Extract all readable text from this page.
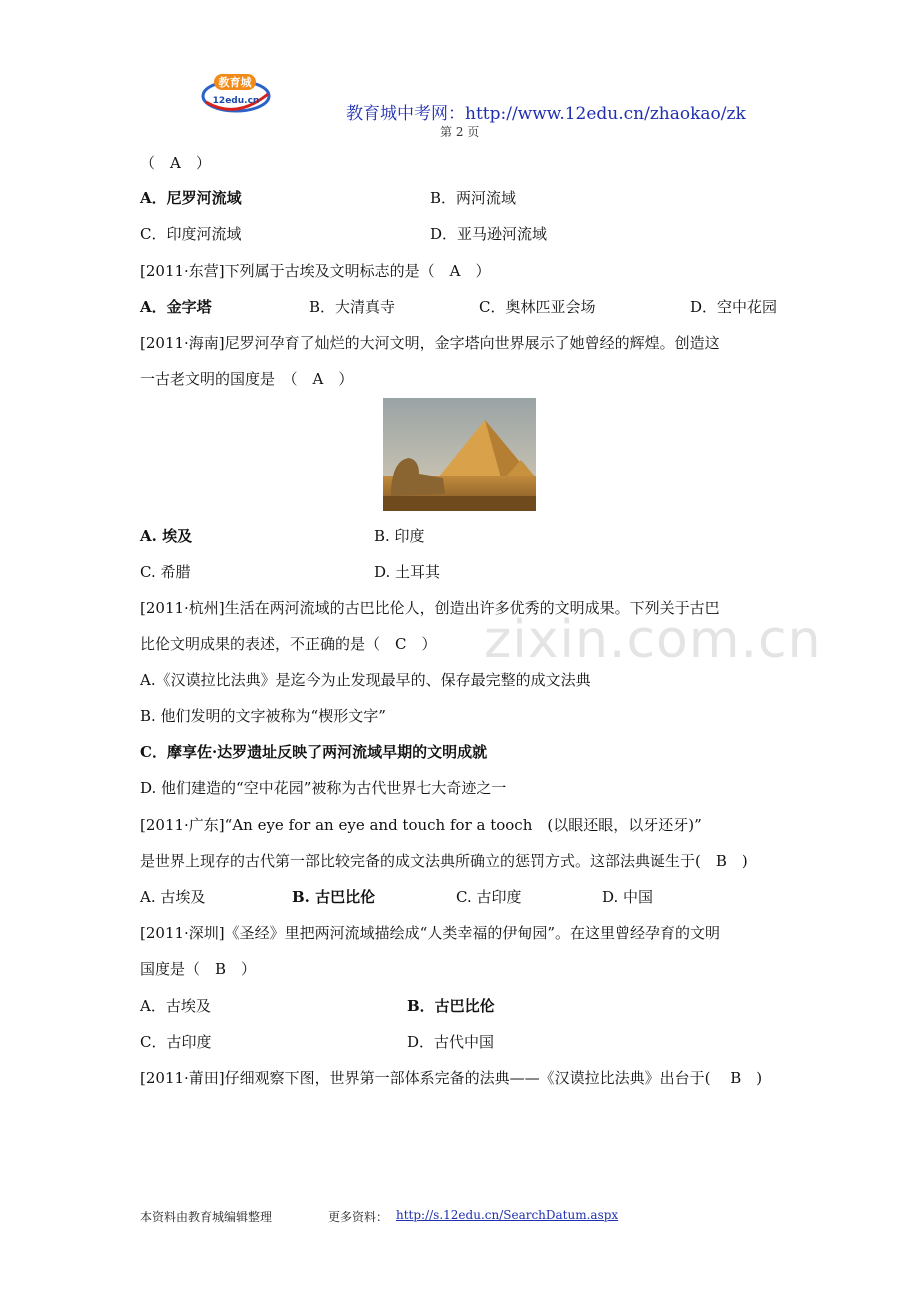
教育城
12edu.cn
教育城中考网：http://www.12edu.cn/zhaokao/zk
第 2 页
zixin.com.cn
（　A　）
A．尼罗河流域	B．两河流域
C．印度河流域	D．亚马逊河流域
[2011·东营]下列属于古埃及文明标志的是（　A　）
A．金字塔	B．大清真寺	C．奥林匹亚会场	D．空中花园
[2011·海南]尼罗河孕育了灿烂的大河文明，金字塔向世界展示了她曾经的辉煌。创造这
一古老文明的国度是　（　A　）
A. 埃及	B. 印度
C. 希腊	D. 土耳其
[2011·杭州]生活在两河流域的古巴比伦人，创造出许多优秀的文明成果。下列关于古巴
比伦文明成果的表述，不正确的是（　C　）
A.《汉谟拉比法典》是迄今为止发现最早的、保存最完整的成文法典
B. 他们发明的文字被称为“楔形文字”
C．摩享佐·达罗遗址反映了两河流域早期的文明成就
D. 他们建造的“空中花园”被称为古代世界七大奇迹之一
[2011·广东]“An eye for an eye and touch for a tooch　(以眼还眼，以牙还牙)”
是世界上现存的古代第一部比较完备的成文法典所确立的惩罚方式。这部法典诞生于(　B　)
A. 古埃及	B. 古巴比伦	C. 古印度	D. 中国
[2011·深圳]《圣经》里把两河流域描绘成“人类幸福的伊甸园”。在这里曾经孕育的文明
国度是（　B　）
A．古埃及	B．古巴比伦
C．古印度	D．古代中国
[2011·莆田]仔细观察下图，世界第一部体系完备的法典——《汉谟拉比法典》出台于(　 B　)
本资料由教育城编辑整理	更多资料： http://s.12edu.cn/SearchDatum.aspx
